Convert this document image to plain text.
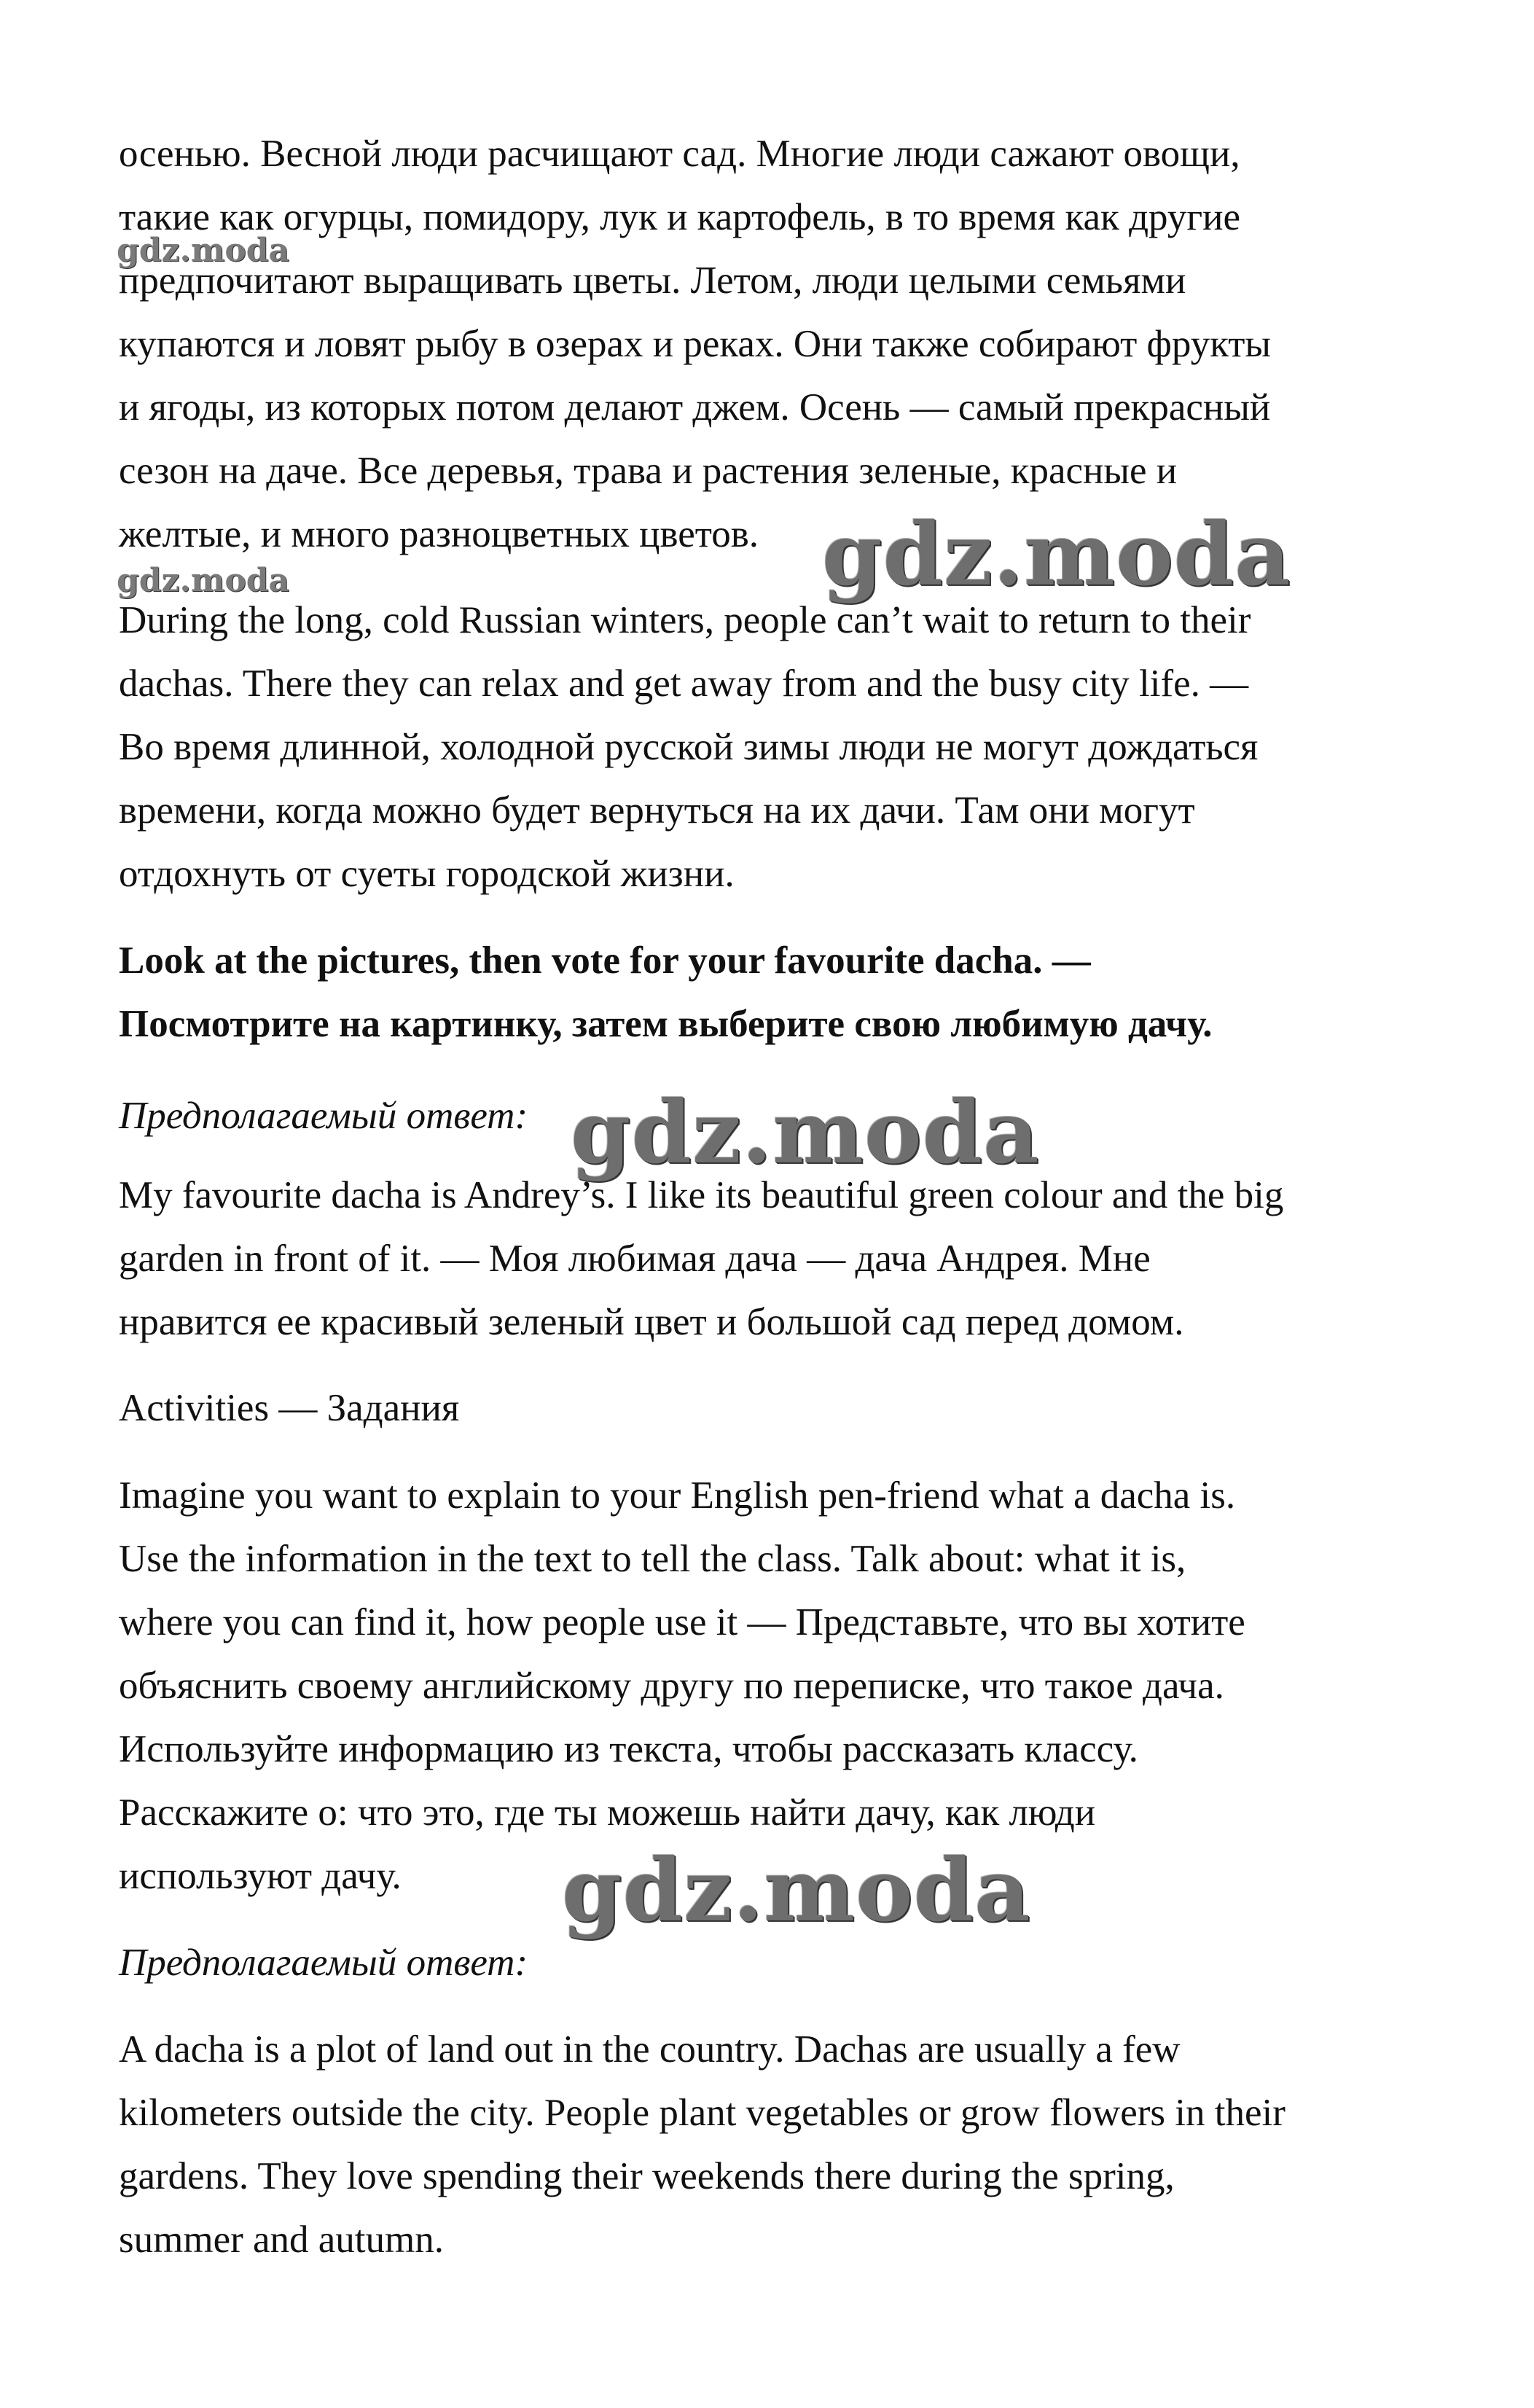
осенью. Весной люди расчищают сад. Многие люди сажают овощи,
такие как огурцы, помидору, лук и картофель, в то время как другие
предпочитают выращивать цветы. Летом, люди целыми семьями
купаются и ловят рыбу в озерах и реках. Они также собирают фрукты
и ягоды, из которых потом делают джем. Осень — самый прекрасный
сезон на даче. Все деревья, трава и растения зеленые, красные и
желтые, и много разноцветных цветов.

During the long, cold Russian winters, people can’t wait to return to their
dachas. There they can relax and get away from and the busy city life. —
Во время длинной, холодной русской зимы люди не могут дождаться
времени, когда можно будет вернуться на их дачи. Там они могут
отдохнуть от суеты городской жизни.

Look at the pictures, then vote for your favourite dacha. —
Посмотрите на картинку, затем выберите свою любимую дачу.

Предполагаемый ответ:

My favourite dacha is Andrey’s. I like its beautiful green colour and the big
garden in front of it. — Моя любимая дача — дача Андрея. Мне
нравится ее красивый зеленый цвет и большой сад перед домом.

Activities — Задания

Imagine you want to explain to your English pen-friend what a dacha is.
Use the information in the text to tell the class. Talk about: what it is,
where you can find it, how people use it — Представьте, что вы хотите
объяснить своему английскому другу по переписке, что такое дача.
Используйте информацию из текста, чтобы рассказать классу.
Расскажите о: что это, где ты можешь найти дачу, как люди
используют дачу.

Предполагаемый ответ:

A dacha is a plot of land out in the country. Dachas are usually a few
kilometers outside the city. People plant vegetables or grow flowers in their
gardens. They love spending their weekends there during the spring,
summer and autumn.

gdz.moda
gdz.moda	gdz.moda
gdz.moda
gdz.moda
